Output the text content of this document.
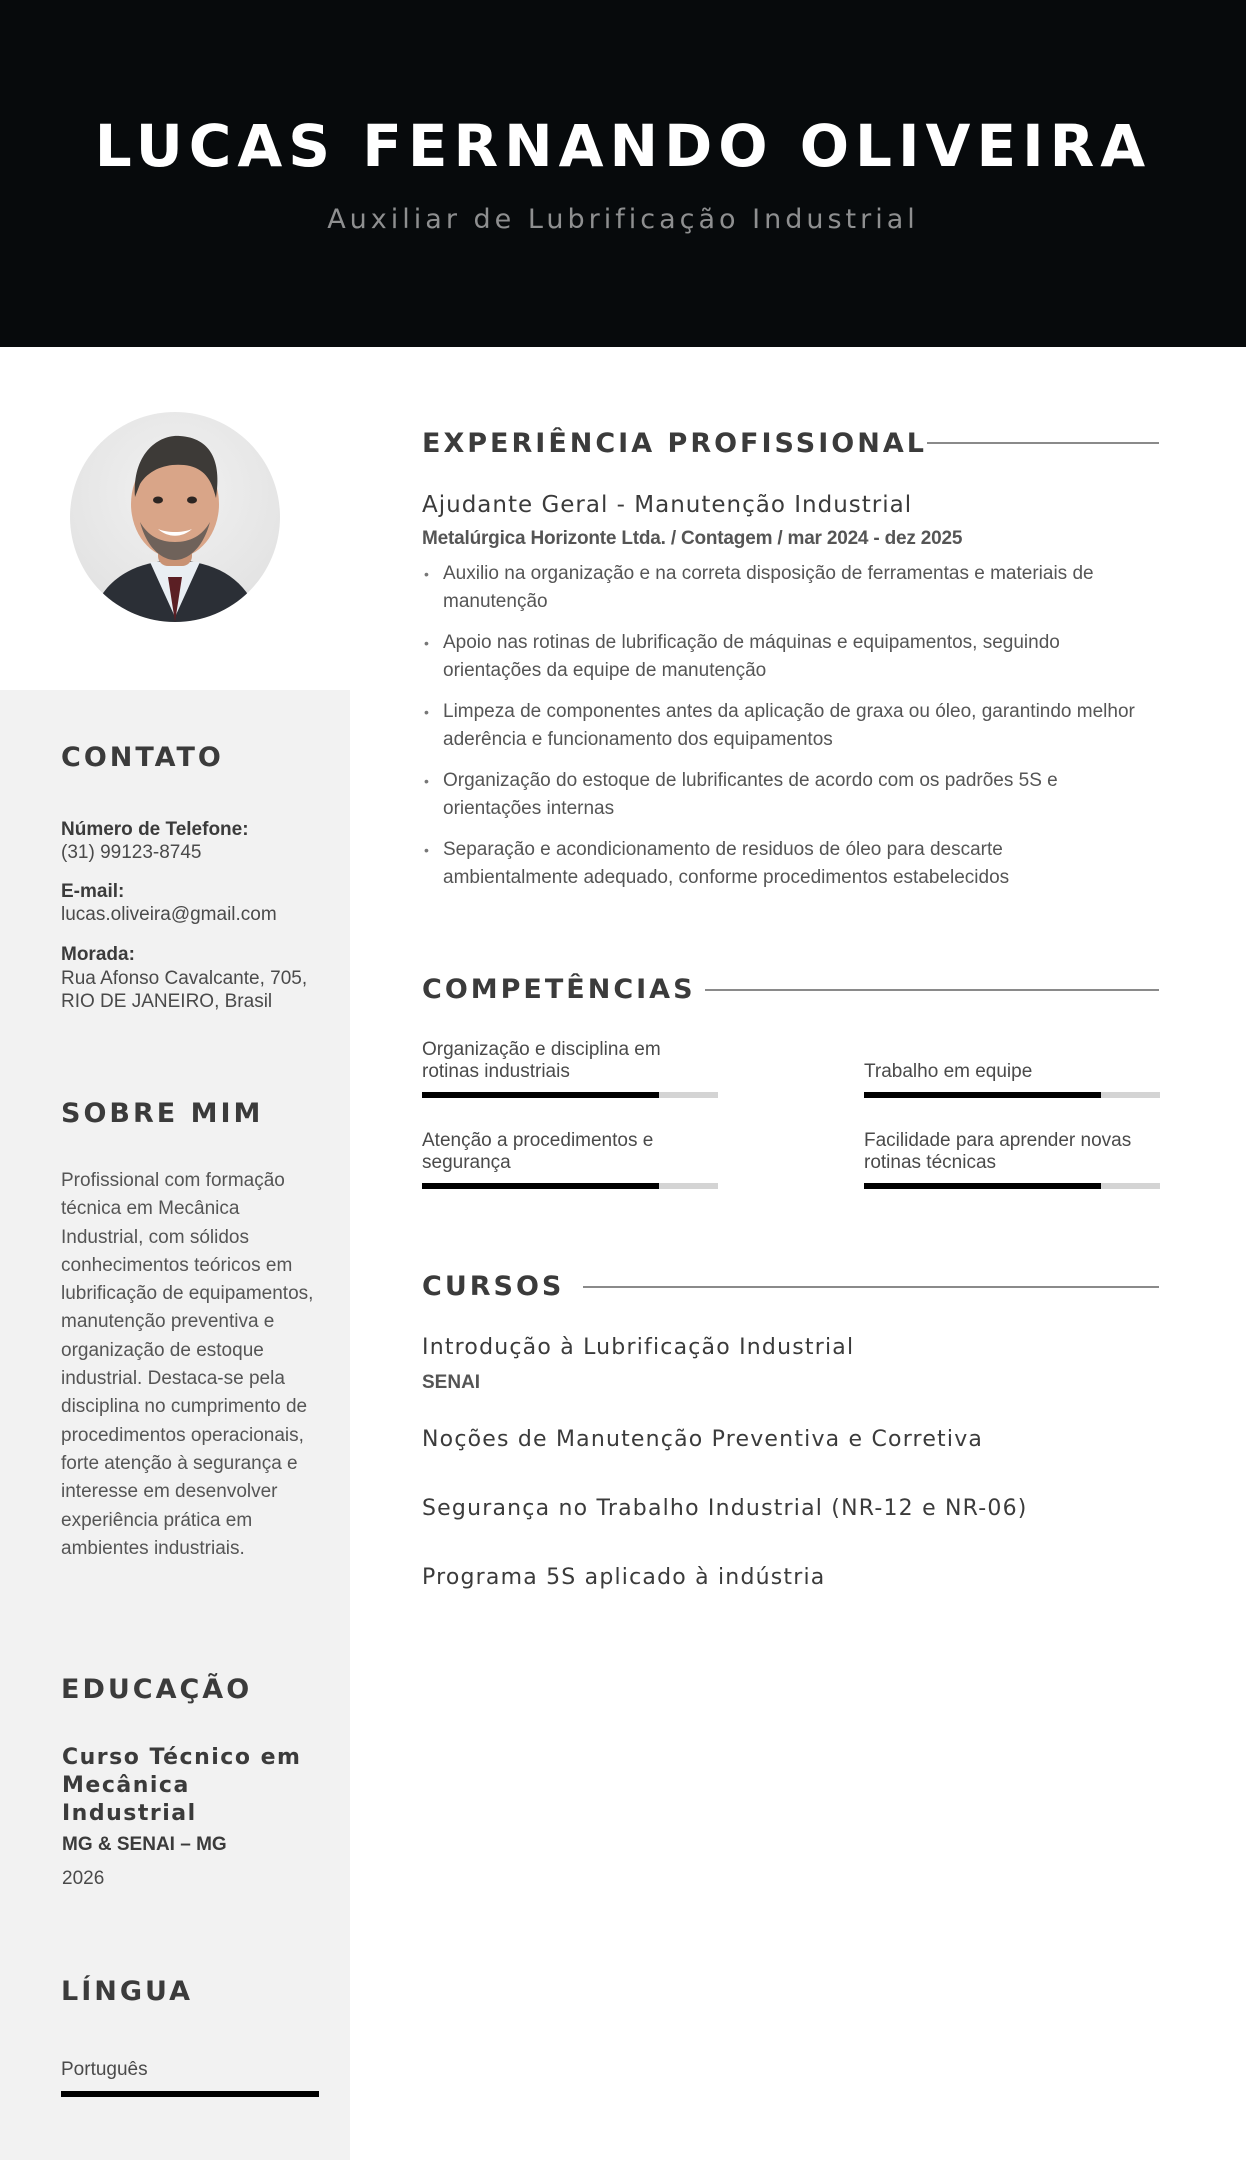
LUCAS FERNANDO OLIVEIRA
Auxiliar de Lubrificação Industrial
CONTATO
Número de Telefone:
(31) 99123-8745
E-mail:
lucas.oliveira@gmail.com
Morada:
Rua Afonso Cavalcante, 705,
RIO DE JANEIRO, Brasil
SOBRE MIM
Profissional com formação técnica em Mecânica Industrial, com sólidos conhecimentos teóricos em lubrificação de equipamentos, manutenção preventiva e organização de estoque industrial. Destaca-se pela disciplina no cumprimento de procedimentos operacionais, forte atenção à segurança e interesse em desenvolver experiência prática em ambientes industriais.
EDUCAÇÃO
Curso Técnico em Mecânica Industrial
MG & SENAI – MG
2026
LÍNGUA
Português
EXPERIÊNCIA PROFISSIONAL
Ajudante Geral - Manutenção Industrial
Metalúrgica Horizonte Ltda. / Contagem / mar 2024 - dez 2025
• Auxilio na organização e na correta disposição de ferramentas e materiais de manutenção
• Apoio nas rotinas de lubrificação de máquinas e equipamentos, seguindo orientações da equipe de manutenção
• Limpeza de componentes antes da aplicação de graxa ou óleo, garantindo melhor aderência e funcionamento dos equipamentos
• Organização do estoque de lubrificantes de acordo com os padrões 5S e orientações internas
• Separação e acondicionamento de residuos de óleo para descarte ambientalmente adequado, conforme procedimentos estabelecidos
COMPETÊNCIAS
Organização e disciplina em rotinas industriais	Trabalho em equipe
Atenção a procedimentos e segurança
Facilidade para aprender novas rotinas técnicas
CURSOS
Introdução à Lubrificação Industrial
SENAI
Noções de Manutenção Preventiva e Corretiva
Segurança no Trabalho Industrial (NR-12 e NR-06)
Programa 5S aplicado à indústria
